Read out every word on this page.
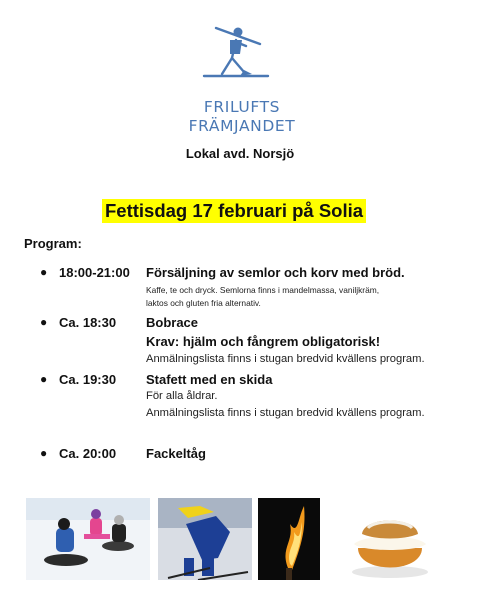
FRILUFTS
FRÄMJANDET
Lokal avd. Norsjö
Fettisdag 17 februari på Solia
Program:
● 18:00-21:00 Försäljning av semlor och korv med bröd.
Kaffe, te och dryck. Semlorna finns i mandelmassa, vaniljkräm,
laktos och gluten fria alternativ.
● Ca. 18:30 Bobrace
Krav: hjälm och fångrem obligatorisk!
Anmälningslista finns i stugan bredvid kvällens program.
● Ca. 19:30 Stafett med en skida
För alla åldrar.
Anmälningslista finns i stugan bredvid kvällens program.
● Ca. 20:00 Fackeltåg
